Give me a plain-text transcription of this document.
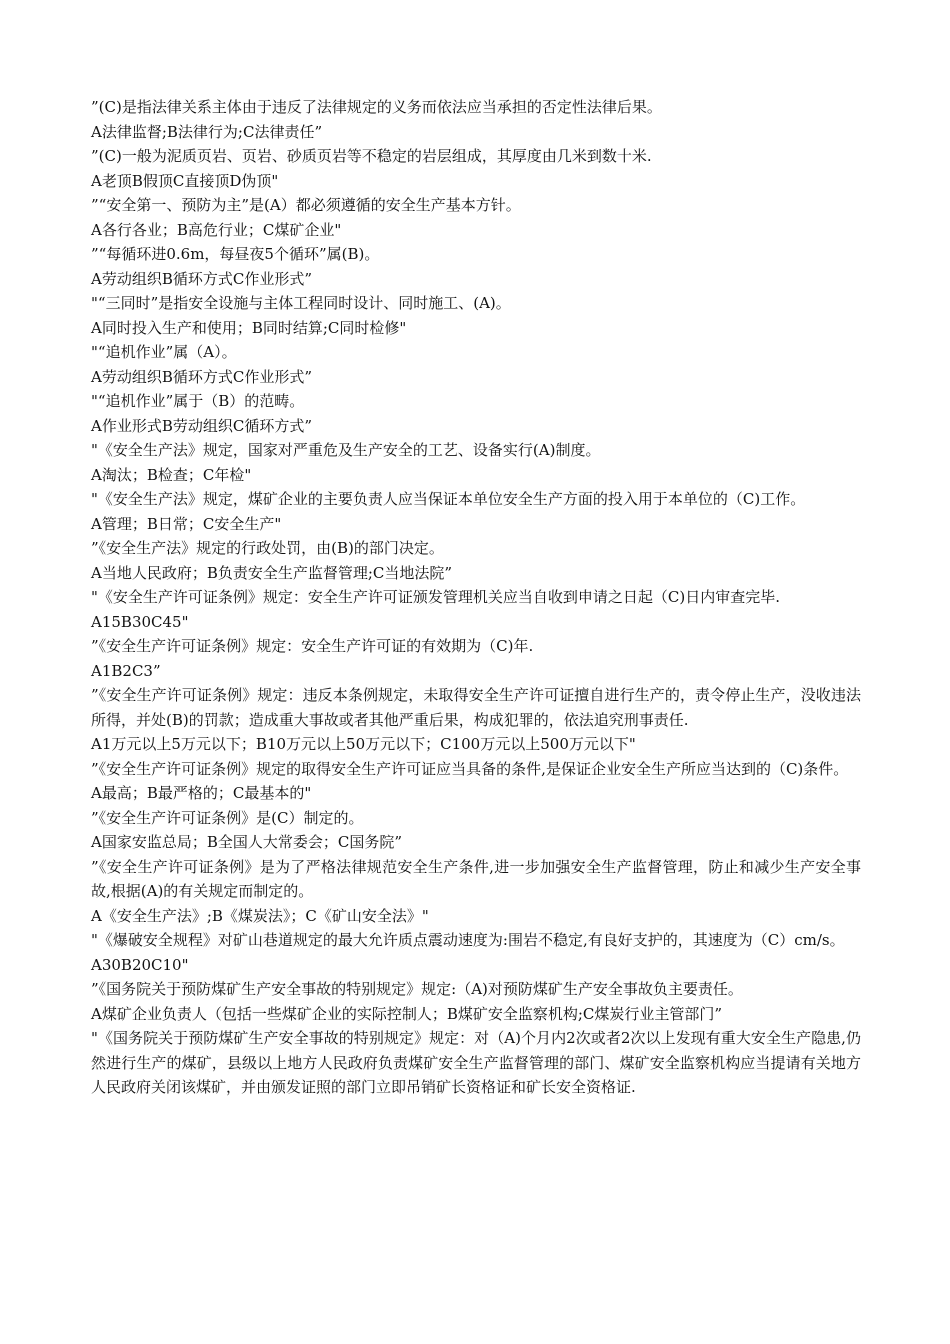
”(C)是指法律关系主体由于违反了法律规定的义务而依法应当承担的否定性法律后果。

A法律监督;B法律行为;C法律责任”

”(C)一般为泥质页岩、页岩、砂质页岩等不稳定的岩层组成，其厚度由几米到数十米.

A老顶B假顶C直接顶D伪顶"

”“安全第一、预防为主”是(A）都必须遵循的安全生产基本方针。

A各行各业；B高危行业；C煤矿企业"

”“每循环进0.6m，每昼夜5个循环”属(B)。

A劳动组织B循环方式C作业形式”

"“三同时”是指安全设施与主体工程同时设计、同时施工、(A)。

A同时投入生产和使用；B同时结算;C同时检修"

"“追机作业”属（A）。

A劳动组织B循环方式C作业形式”

"“追机作业”属于（B）的范畴。

A作业形式B劳动组织C循环方式”

"《安全生产法》规定，国家对严重危及生产安全的工艺、设备实行(A)制度。

A淘汰；B检查；C年检"

"《安全生产法》规定，煤矿企业的主要负责人应当保证本单位安全生产方面的投入用于本单位的（C)工作。

A管理；B日常；C安全生产"

”《安全生产法》规定的行政处罚，由(B)的部门决定。

A当地人民政府；B负责安全生产监督管理;C当地法院”

"《安全生产许可证条例》规定：安全生产许可证颁发管理机关应当自收到申请之日起（C)日内审查完毕.

A15B30C45"

”《安全生产许可证条例》规定：安全生产许可证的有效期为（C)年.

A1B2C3”

”《安全生产许可证条例》规定：违反本条例规定，未取得安全生产许可证擅自进行生产的，责令停止生产，没收违法所得，并处(B)的罚款；造成重大事故或者其他严重后果，构成犯罪的，依法追究刑事责任.

A1万元以上5万元以下；B10万元以上50万元以下；C100万元以上500万元以下"

”《安全生产许可证条例》规定的取得安全生产许可证应当具备的条件,是保证企业安全生产所应当达到的（C)条件。

A最高；B最严格的；C最基本的"

”《安全生产许可证条例》是(C）制定的。

A国家安监总局；B全国人大常委会；C国务院”

”《安全生产许可证条例》是为了严格法律规范安全生产条件,进一步加强安全生产监督管理，防止和减少生产安全事故,根据(A)的有关规定而制定的。

A《安全生产法》;B《煤炭法》；C《矿山安全法》"

"《爆破安全规程》对矿山巷道规定的最大允许质点震动速度为:围岩不稳定,有良好支护的，其速度为（C）cm/s。

A30B20C10"

”《国务院关于预防煤矿生产安全事故的特别规定》规定:（A)对预防煤矿生产安全事故负主要责任。

A煤矿企业负责人（包括一些煤矿企业的实际控制人；B煤矿安全监察机构;C煤炭行业主管部门”

"《国务院关于预防煤矿生产安全事故的特别规定》规定：对（A)个月内2次或者2次以上发现有重大安全生产隐患,仍然进行生产的煤矿，县级以上地方人民政府负责煤矿安全生产监督管理的部门、煤矿安全监察机构应当提请有关地方人民政府关闭该煤矿，并由颁发证照的部门立即吊销矿长资格证和矿长安全资格证.
